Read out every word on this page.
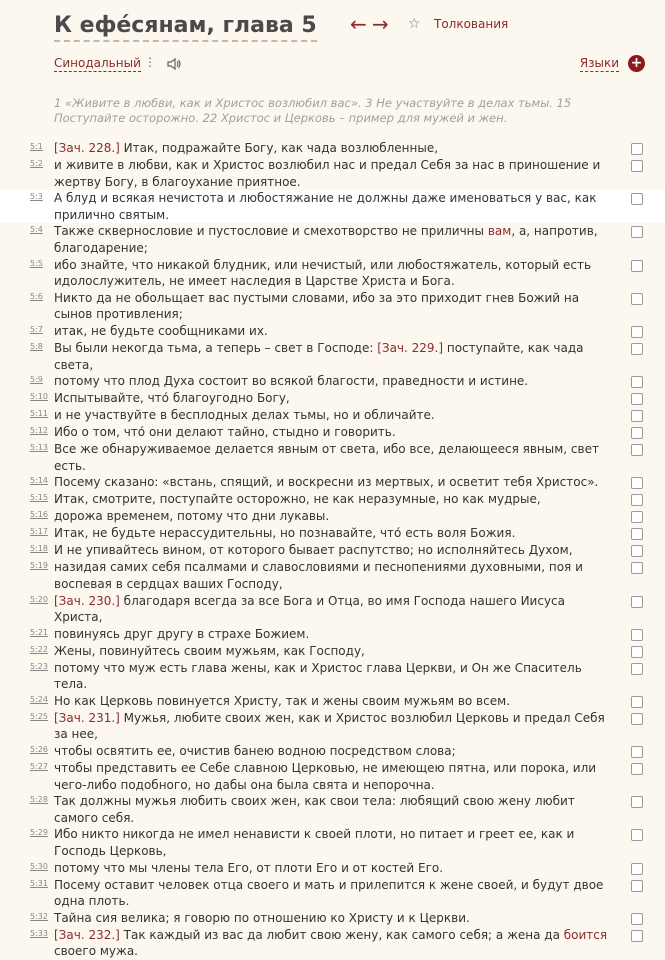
К ефе́сянам, глава 5 ← →	☆ Толкования
Синодальный ⋮	Языки +
1 «Живите в любви, как и Христос возлюбил вас». 3 Не участвуйте в делах тьмы. 15 Поступайте осторожно. 22 Христос и Церковь – пример для мужей и жен.
5:1 [Зач. 228.] Итак, подражайте Богу, как чада возлюбленные,
5:2 и живите в любви, как и Христос возлюбил нас и предал Себя за нас в приношение и жертву Богу, в благоухание приятное.
5:3 А блуд и всякая нечистота и любостяжание не должны даже именоваться у вас, как прилично святым.
5:4 Также сквернословие и пустословие и смехотворство не приличны вам, а, напротив, благодарение;
5:5 ибо знайте, что никакой блудник, или нечистый, или любостяжатель, который есть идолослужитель, не имеет наследия в Царстве Христа и Бога.
5:6 Никто да не обольщает вас пустыми словами, ибо за это приходит гнев Божий на сынов противления;
5:7 итак, не будьте сообщниками их.
5:8 Вы были некогда тьма, а теперь – свет в Господе: [Зач. 229.] поступайте, как чада света,
5:9 потому что плод Духа состоит во всякой благости, праведности и истине.
5:10 Испытывайте, что́ благоугодно Богу,
5:11 и не участвуйте в бесплодных делах тьмы, но и обличайте.
5:12 Ибо о том, что́ они делают тайно, стыдно и говорить.
5:13 Все же обнаруживаемое делается явным от света, ибо все, делающееся явным, свет есть.
5:14 Посему сказано: «встань, спящий, и воскресни из мертвых, и осветит тебя Христос».
5:15 Итак, смотрите, поступайте осторожно, не как неразумные, но как мудрые,
5:16 дорожа временем, потому что дни лукавы.
5:17 Итак, не будьте нерассудительны, но познавайте, что́ есть воля Божия.
5:18 И не упивайтесь вином, от которого бывает распутство; но исполняйтесь Духом,
5:19 назидая самих себя псалмами и славословиями и песнопениями духовными, поя и воспевая в сердцах ваших Господу,
5:20 [Зач. 230.] благодаря всегда за все Бога и Отца, во имя Господа нашего Иисуса Христа,
5:21 повинуясь друг другу в страхе Божием.
5:22 Жены, повинуйтесь своим мужьям, как Господу,
5:23 потому что муж есть глава жены, как и Христос глава Церкви, и Он же Спаситель тела.
5:24 Но как Церковь повинуется Христу, так и жены своим мужьям во всем.
5:25 [Зач. 231.] Мужья, любите своих жен, как и Христос возлюбил Церковь и предал Себя за нее,
5:26 чтобы освятить ее, очистив банею водною посредством слова;
5:27 чтобы представить ее Себе славною Церковью, не имеющею пятна, или порока, или чего-либо подобного, но дабы она была свята и непорочна.
5:28 Так должны мужья любить своих жен, как свои тела: любящий свою жену любит самого себя.
5:29 Ибо никто никогда не имел ненависти к своей плоти, но питает и греет ее, как и Господь Церковь,
5:30 потому что мы члены тела Его, от плоти Его и от костей Его.
5:31 Посему оставит человек отца своего и мать и прилепится к жене своей, и будут двое одна плоть.
5:32 Тайна сия велика; я говорю по отношению ко Христу и к Церкви.
5:33 [Зач. 232.] Так каждый из вас да любит свою жену, как самого себя; а жена да боится своего мужа.
